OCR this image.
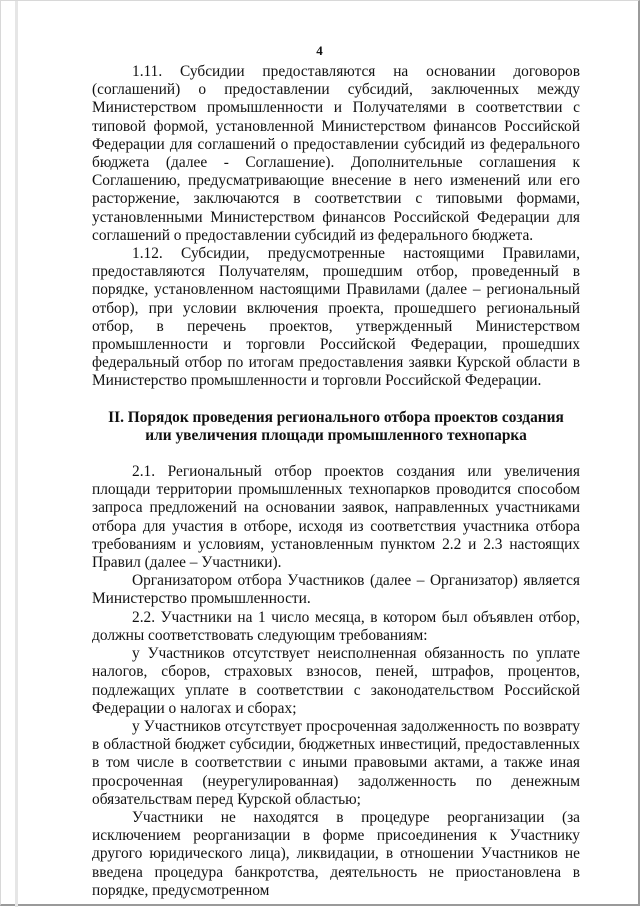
4

1.11. Субсидии предоставляются на основании договоров (соглашений) о предоставлении субсидий, заключенных между Министерством промышленности и Получателями в соответствии с типовой формой, установленной Министерством финансов Российской Федерации для соглашений о предоставлении субсидий из федерального бюджета (далее - Соглашение). Дополнительные соглашения к Соглашению, предусматривающие внесение в него изменений или его расторжение, заключаются в соответствии с типовыми формами, установленными Министерством финансов Российской Федерации для соглашений о предоставлении субсидий из федерального бюджета.

1.12. Субсидии, предусмотренные настоящими Правилами, предоставляются Получателям, прошедшим отбор, проведенный в порядке, установленном настоящими Правилами (далее – региональный отбор), при условии включения проекта, прошедшего региональный отбор, в перечень проектов, утвержденный Министерством промышленности и торговли Российской Федерации, прошедших федеральный отбор по итогам предоставления заявки Курской области в Министерство промышленности и торговли Российской Федерации.

II. Порядок проведения регионального отбора проектов создания
или увеличения площади промышленного технопарка

2.1. Региональный отбор проектов создания или увеличения площади территории промышленных технопарков проводится способом запроса предложений на основании заявок, направленных участниками отбора для участия в отборе, исходя из соответствия участника отбора требованиям и условиям, установленным пунктом 2.2 и 2.3 настоящих Правил (далее – Участники).

Организатором отбора Участников (далее – Организатор) является Министерство промышленности.

2.2. Участники на 1 число месяца, в котором был объявлен отбор, должны соответствовать следующим требованиям:

у Участников отсутствует неисполненная обязанность по уплате налогов, сборов, страховых взносов, пеней, штрафов, процентов, подлежащих уплате в соответствии с законодательством Российской Федерации о налогах и сборах;

у Участников отсутствует просроченная задолженность по возврату в областной бюджет субсидии, бюджетных инвестиций, предоставленных в том числе в соответствии с иными правовыми актами, а также иная просроченная (неурегулированная) задолженность по денежным обязательствам перед Курской областью;

Участники не находятся в процедуре реорганизации (за исключением реорганизации в форме присоединения к Участнику другого юридического лица), ликвидации, в отношении Участников не введена процедура банкротства, деятельность не приостановлена в порядке, предусмотренном
